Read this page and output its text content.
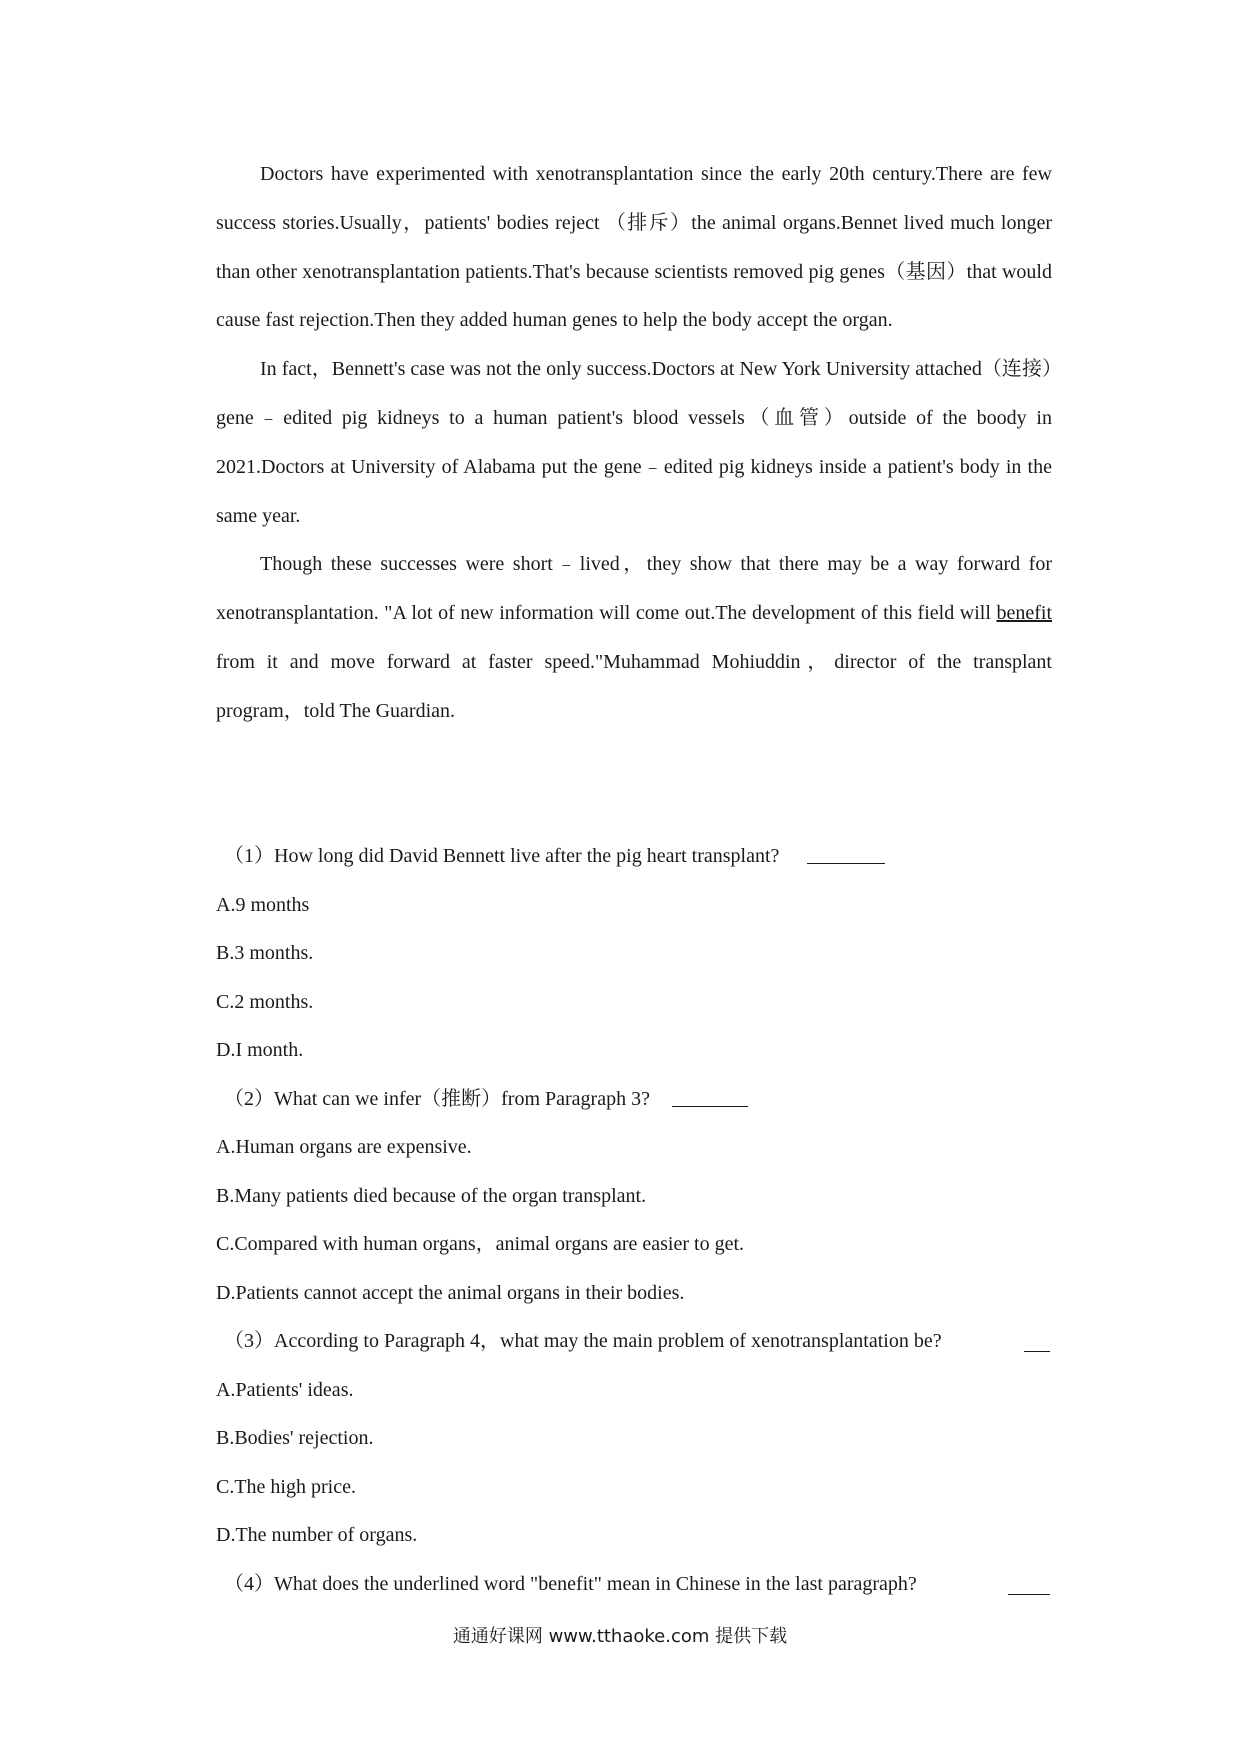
Doctors have experimented with xenotransplantation since the early 20th century.There are few success stories.Usually，patients' bodies reject （排斥）the animal organs.Bennet lived much longer than other xenotransplantation patients.That's because scientists removed pig genes（基因）that would cause fast rejection.Then they added human genes to help the body accept the organ.

In fact，Bennett's case was not the only success.Doctors at New York University attached（连接）gene﹣edited pig kidneys to a human patient's blood vessels（血管）outside of the boody in 2021.Doctors at University of Alabama put the gene﹣edited pig kidneys inside a patient's body in the same year.

Though these successes were short﹣lived，they show that there may be a way forward for xenotransplantation. "A lot of new information will come out.The development of this field will benefit from it and move forward at faster speed."Muhammad Mohiuddin，director of the transplant program，told The Guardian.

（1）How long did David Bennett live after the pig heart transplant?
A.9 months
B.3 months.
C.2 months.
D.I month.
（2）What can we infer（推断）from Paragraph 3?
A.Human organs are expensive.
B.Many patients died because of the organ transplant.
C.Compared with human organs，animal organs are easier to get.
D.Patients cannot accept the animal organs in their bodies.
（3）According to Paragraph 4，what may the main problem of xenotransplantation be?
A.Patients' ideas.
B.Bodies' rejection.
C.The high price.
D.The number of organs.
（4）What does the underlined word "benefit" mean in Chinese in the last paragraph?
通通好课网 www.tthaoke.com 提供下载
